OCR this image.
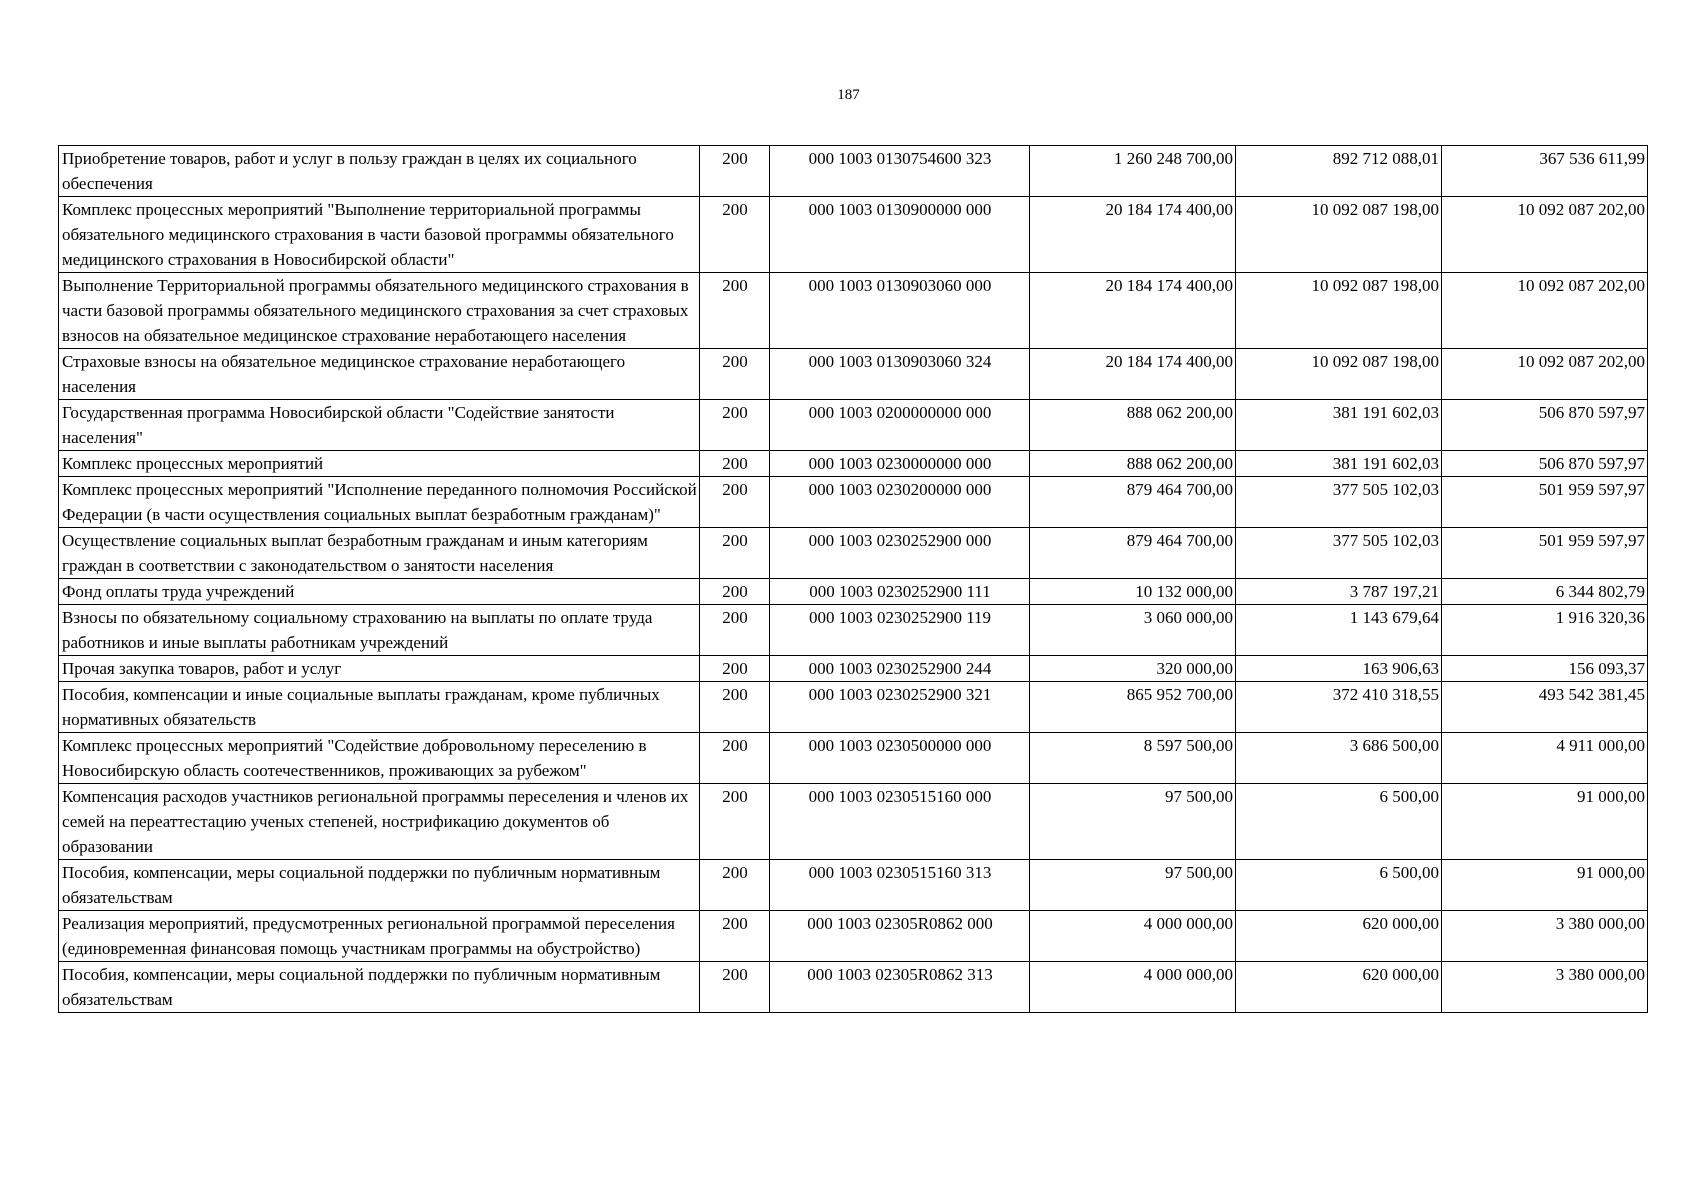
187
Приобретение товаров, работ и услуг в пользу граждан в целях их социального обеспечения	200	000 1003 0130754600 323	1 260 248 700,00	892 712 088,01	367 536 611,99
Комплекс процессных мероприятий "Выполнение территориальной программы обязательного медицинского страхования в части базовой программы обязательного медицинского страхования в Новосибирской области"	200	000 1003 0130900000 000	20 184 174 400,00	10 092 087 198,00	10 092 087 202,00
Выполнение Территориальной программы обязательного медицинского страхования в части базовой программы обязательного медицинского страхования за счет страховых взносов на обязательное медицинское страхование неработающего населения	200	000 1003 0130903060 000	20 184 174 400,00	10 092 087 198,00	10 092 087 202,00
Страховые взносы на обязательное медицинское страхование неработающего населения	200	000 1003 0130903060 324	20 184 174 400,00	10 092 087 198,00	10 092 087 202,00
Государственная программа Новосибирской области "Содействие занятости населения"	200	000 1003 0200000000 000	888 062 200,00	381 191 602,03	506 870 597,97
Комплекс процессных мероприятий	200	000 1003 0230000000 000	888 062 200,00	381 191 602,03	506 870 597,97
Комплекс процессных мероприятий "Исполнение переданного полномочия Российской Федерации (в части осуществления социальных выплат безработным гражданам)"	200	000 1003 0230200000 000	879 464 700,00	377 505 102,03	501 959 597,97
Осуществление социальных выплат безработным гражданам и иным категориям граждан в соответствии с законодательством о занятости населения	200	000 1003 0230252900 000	879 464 700,00	377 505 102,03	501 959 597,97
Фонд оплаты труда учреждений	200	000 1003 0230252900 111	10 132 000,00	3 787 197,21	6 344 802,79
Взносы по обязательному социальному страхованию на выплаты по оплате труда работников и иные выплаты работникам учреждений	200	000 1003 0230252900 119	3 060 000,00	1 143 679,64	1 916 320,36
Прочая закупка товаров, работ и услуг	200	000 1003 0230252900 244	320 000,00	163 906,63	156 093,37
Пособия, компенсации и иные социальные выплаты гражданам, кроме публичных нормативных обязательств	200	000 1003 0230252900 321	865 952 700,00	372 410 318,55	493 542 381,45
Комплекс процессных мероприятий "Содействие добровольному переселению в Новосибирскую область соотечественников, проживающих за рубежом"	200	000 1003 0230500000 000	8 597 500,00	3 686 500,00	4 911 000,00
Компенсация расходов участников региональной программы переселения и членов их семей на переаттестацию ученых степеней, нострификацию документов об образовании	200	000 1003 0230515160 000	97 500,00	6 500,00	91 000,00
Пособия, компенсации, меры социальной поддержки по публичным нормативным обязательствам	200	000 1003 0230515160 313	97 500,00	6 500,00	91 000,00
Реализация мероприятий, предусмотренных региональной программой переселения (единовременная финансовая помощь участникам программы на обустройство)	200	000 1003 02305R0862 000	4 000 000,00	620 000,00	3 380 000,00
Пособия, компенсации, меры социальной поддержки по публичным нормативным обязательствам	200	000 1003 02305R0862 313	4 000 000,00	620 000,00	3 380 000,00
